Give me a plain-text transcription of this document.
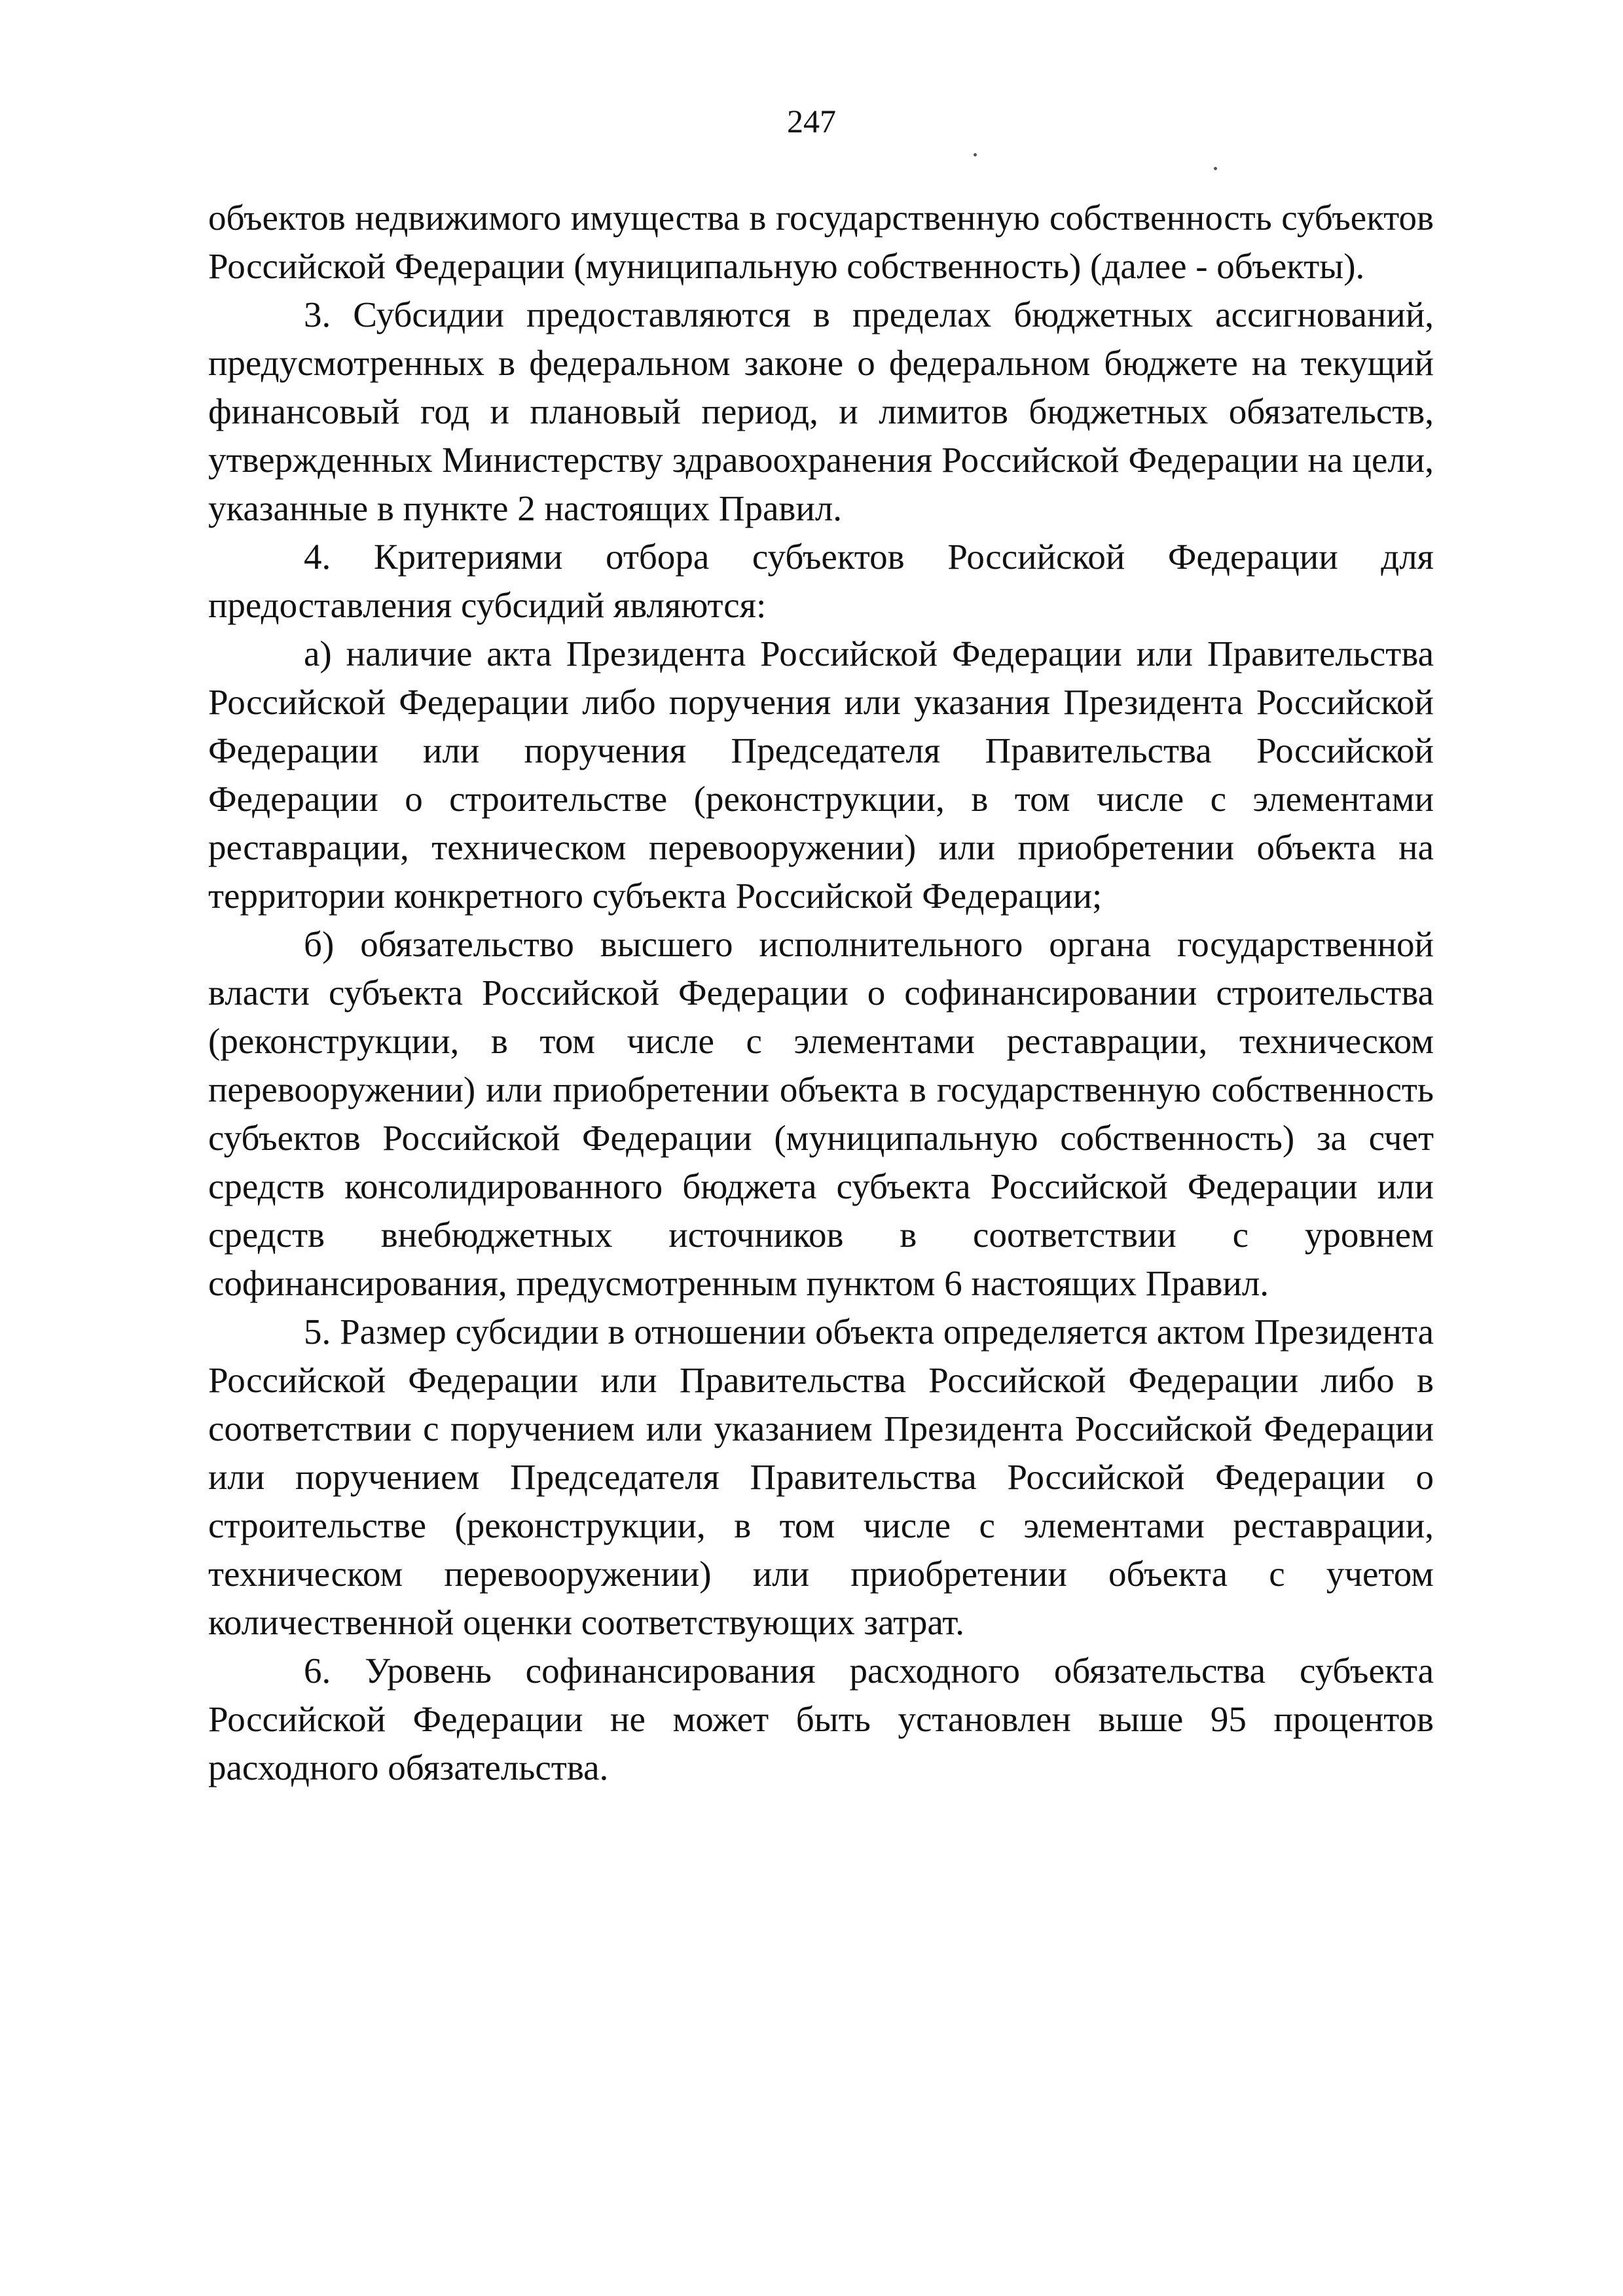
247

объектов недвижимого имущества в государственную собственность субъектов Российской Федерации (муниципальную собственность) (далее - объекты).

3. Субсидии предоставляются в пределах бюджетных ассигнований, предусмотренных в федеральном законе о федеральном бюджете на текущий финансовый год и плановый период, и лимитов бюджетных обязательств, утвержденных Министерству здравоохранения Российской Федерации на цели, указанные в пункте 2 настоящих Правил.

4. Критериями отбора субъектов Российской Федерации для предоставления субсидий являются:

а) наличие акта Президента Российской Федерации или Правительства Российской Федерации либо поручения или указания Президента Российской Федерации или поручения Председателя Правительства Российской Федерации о строительстве (реконструкции, в том числе с элементами реставрации, техническом перевооружении) или приобретении объекта на территории конкретного субъекта Российской Федерации;

б) обязательство высшего исполнительного органа государственной власти субъекта Российской Федерации о софинансировании строительства (реконструкции, в том числе с элементами реставрации, техническом перевооружении) или приобретении объекта в государственную собственность субъектов Российской Федерации (муниципальную собственность) за счет средств консолидированного бюджета субъекта Российской Федерации или средств внебюджетных источников в соответствии с уровнем софинансирования, предусмотренным пунктом 6 настоящих Правил.

5. Размер субсидии в отношении объекта определяется актом Президента Российской Федерации или Правительства Российской Федерации либо в соответствии с поручением или указанием Президента Российской Федерации или поручением Председателя Правительства Российской Федерации о строительстве (реконструкции, в том числе с элементами реставрации, техническом перевооружении) или приобретении объекта с учетом количественной оценки соответствующих затрат.

6. Уровень софинансирования расходного обязательства субъекта Российской Федерации не может быть установлен выше 95 процентов расходного обязательства.
